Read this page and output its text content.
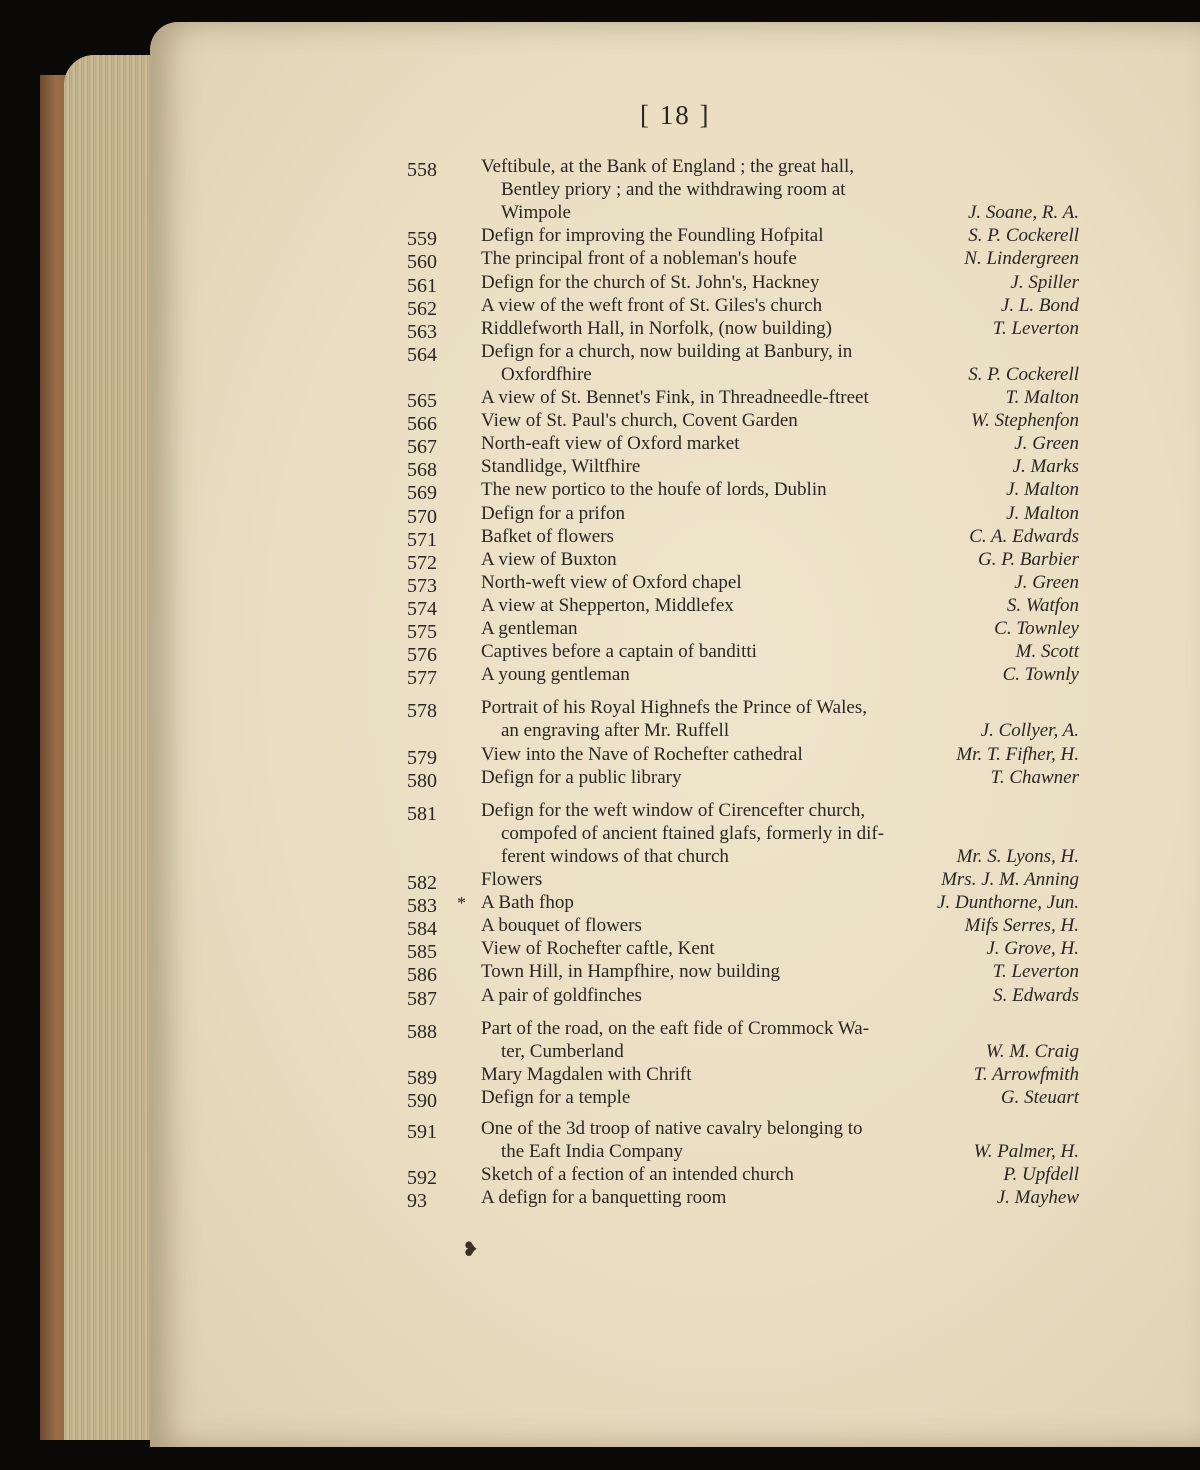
[ 18 ]
558	Veftibule, at the Bank of England ; the great hall,
Bentley priory ; and the withdrawing room at
Wimpole	J. Soane, R. A.
559	Defign for improving the Foundling Hofpital	S. P. Cockerell
560	The principal front of a nobleman's houfe	N. Lindergreen
561	Defign for the church of St. John's, Hackney	J. Spiller
562	A view of the weft front of St. Giles's church	J. L. Bond
563	Riddlefworth Hall, in Norfolk, (now building)	T. Leverton
564	Defign for a church, now building at Banbury, in
Oxfordfhire	S. P. Cockerell
565	A view of St. Bennet's Fink, in Threadneedle-ftreet	T. Malton
566	View of St. Paul's church, Covent Garden	W. Stephenfon
567	North-eaft view of Oxford market	J. Green
568	Standlidge, Wiltfhire	J. Marks
569	The new portico to the houfe of lords, Dublin	J. Malton
570	Defign for a prifon	J. Malton
571	Bafket of flowers	C. A. Edwards
572	A view of Buxton	G. P. Barbier
573	North-weft view of Oxford chapel	J. Green
574	A view at Shepperton, Middlefex	S. Watfon
575	A gentleman	C. Townley
576	Captives before a captain of banditti	M. Scott
577	A young gentleman	C. Townly
578	Portrait of his Royal Highnefs the Prince of Wales,
an engraving after Mr. Ruffell	J. Collyer, A.
579	View into the Nave of Rochefter cathedral	Mr. T. Fifher, H.
580	Defign for a public library	T. Chawner
581	Defign for the weft window of Cirencefter church,
compofed of ancient ftained glafs, formerly in dif-
ferent windows of that church	Mr. S. Lyons, H.
582	Flowers	Mrs. J. M. Anning
583	* A Bath fhop	J. Dunthorne, Jun.
584	A bouquet of flowers	Mifs Serres, H.
585	View of Rochefter caftle, Kent	J. Grove, H.
586	Town Hill, in Hampfhire, now building	T. Leverton
587	A pair of goldfinches	S. Edwards
588	Part of the road, on the eaft fide of Crommock Wa-
ter, Cumberland	W. M. Craig
589	Mary Magdalen with Chrift	T. Arrowfmith
590	Defign for a temple	G. Steuart
591	One of the 3d troop of native cavalry belonging to
the Eaft India Company	W. Palmer, H.
592	Sketch of a fection of an intended church	P. Upfdell
93	A defign for a banquetting room	J. Mayhew
❥
